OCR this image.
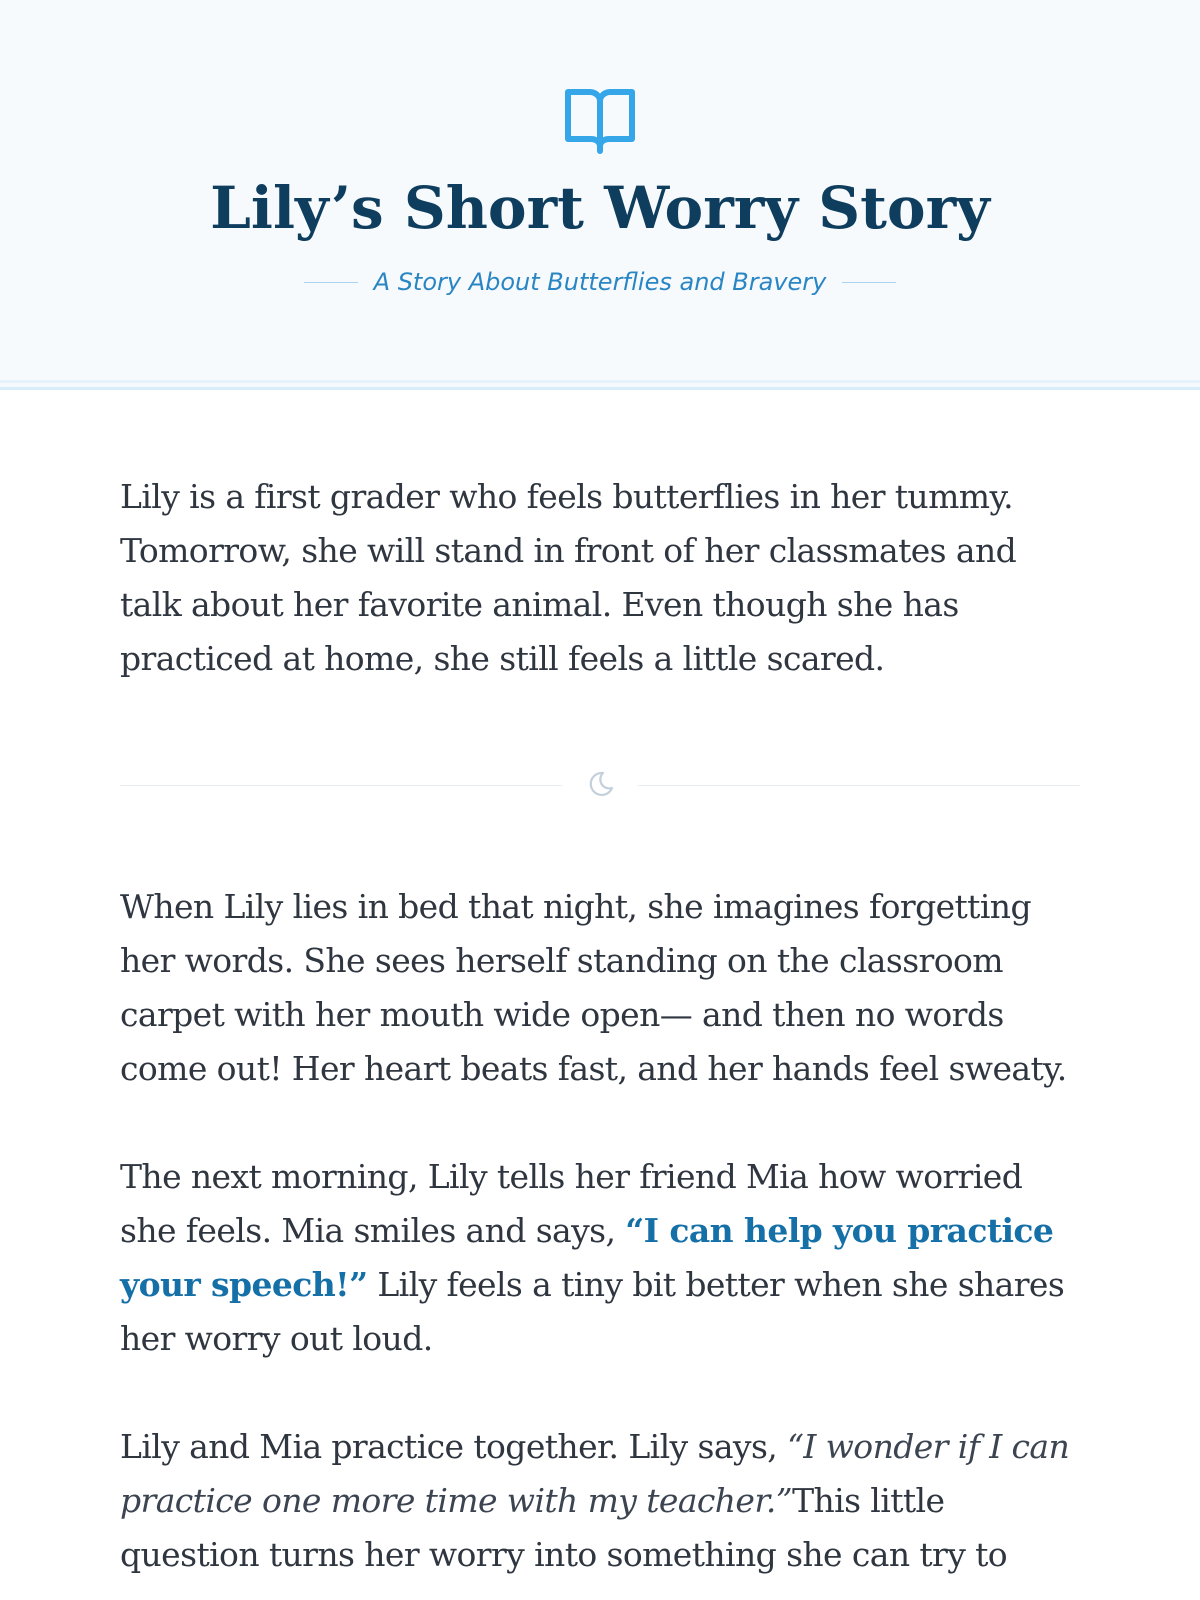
Lily’s Short Worry Story
A Story About Butterflies and Bravery

Lily is a first grader who feels butterflies in her tummy. Tomorrow, she will stand in front of her classmates and talk about her favorite animal. Even though she has practiced at home, she still feels a little scared.

When Lily lies in bed that night, she imagines forgetting her words. She sees herself standing on the classroom carpet with her mouth wide open— and then no words come out! Her heart beats fast, and her hands feel sweaty.

The next morning, Lily tells her friend Mia how worried she feels. Mia smiles and says, “I can help you practice your speech!” Lily feels a tiny bit better when she shares her worry out loud.

Lily and Mia practice together. Lily says, “I wonder if I can practice one more time with my teacher.”This little question turns her worry into something she can try to
